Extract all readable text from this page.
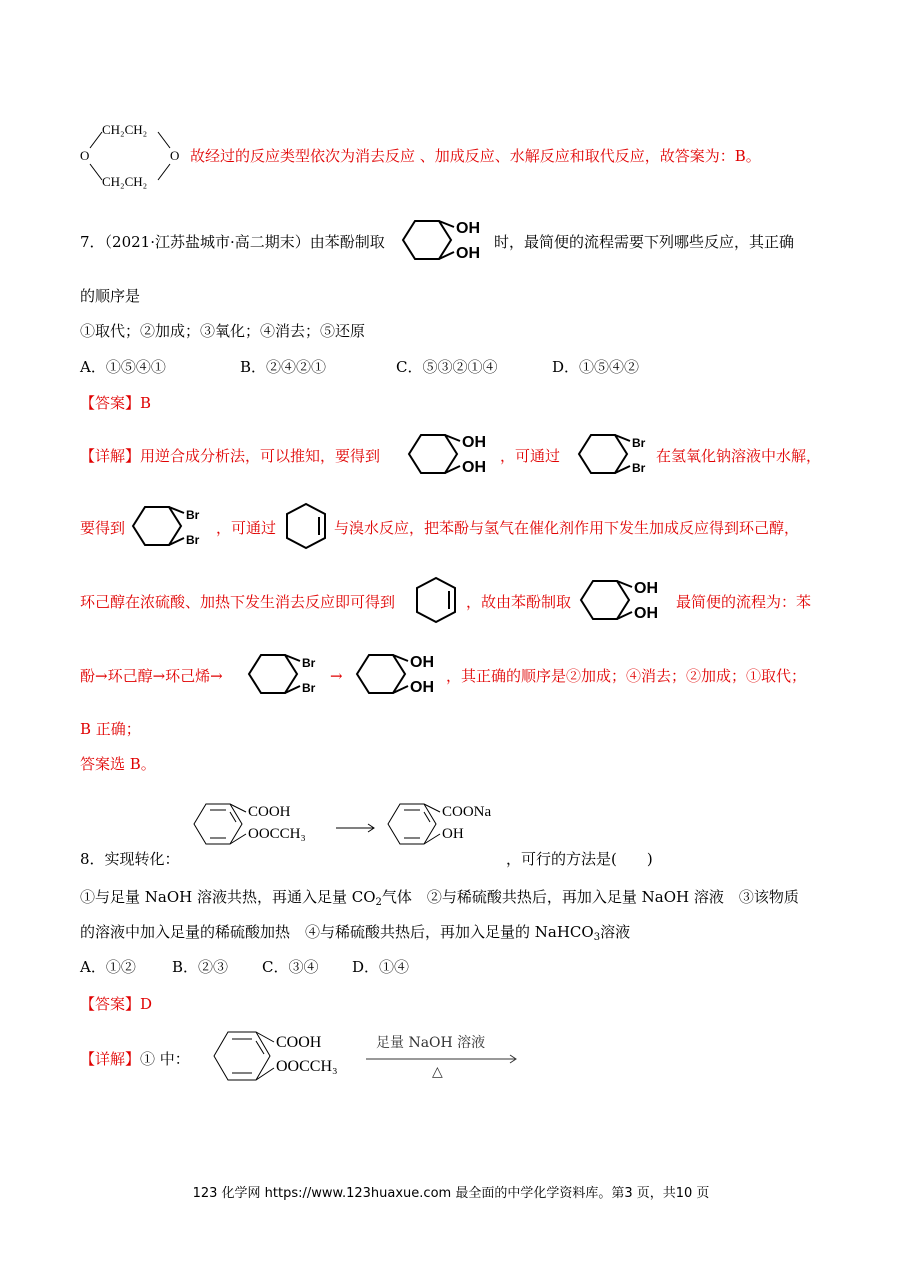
CH₂CH₂
CH₂CH₂
O	O 故经过的反应类型依次为消去反应 、加成反应、水解反应和取代反应，故答案为：B。
7．（2021·江苏盐城市·高二期末）由苯酚制取
OH
OH
时，最简便的流程需要下列哪些反应，其正确
的顺序是
①取代；②加成；③氧化；④消去；⑤还原
A．①⑤④①	B．②④②①	C．⑤③②①④	D．①⑤④②
【答案】B
【详解】用逆合成分析法，可以推知，要得到
OH
OH
，可通过
Br
Br
在氢氧化钠溶液中水解，
要得到
Br
Br
，可通过	与溴水反应，把苯酚与氢气在催化剂作用下发生加成反应得到环己醇，
环己醇在浓硫酸、加热下发生消去反应即可得到	，故由苯酚制取
OH
OH
最简便的流程为：苯
酚→环己醇→环己烯→
Br
Br
→
OH
OH
，其正确的顺序是②加成；④消去；②加成；①取代；
B 正确；
答案选 B。
COOH
OOCCH₃
COONa
OH
8．实现转化：	，可行的方法是(　　)
①与足量 NaOH 溶液共热，再通入足量 $CO_2$气体　②与稀硫酸共热后，再加入足量 NaOH 溶液　③该物质
的溶液中加入足量的稀硫酸加热　④与稀硫酸共热后，再加入足量的 NaHCO$_3$溶液
A．①② B．②③ C．③④ D．①④
【答案】D
【详解】① 中：
COOH
OOCCH₃
足量 NaOH 溶液
△
123 化学网 https://www.123huaxue.com 最全面的中学化学资料库。第3 页，共10 页
